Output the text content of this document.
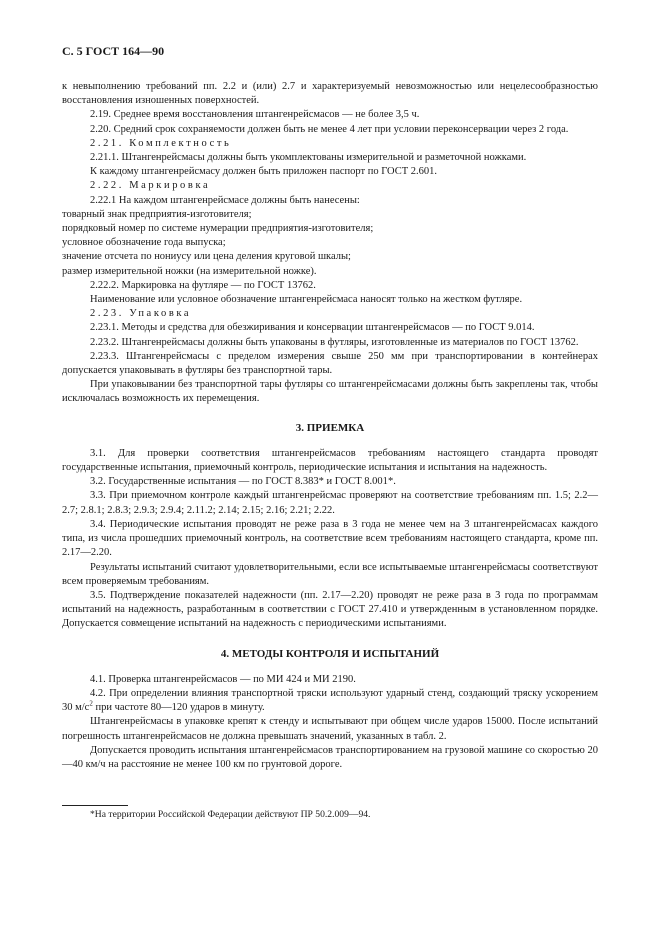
С. 5 ГОСТ 164—90

к невыполнению требований пп. 2.2 и (или) 2.7 и характеризуемый невозможностью или нецелесообразностью восстановления изношенных поверхностей.

2.19. Среднее время восстановления штангенрейсмасов — не более 3,5 ч.

2.20. Средний срок сохраняемости должен быть не менее 4 лет при условии переконсервации через 2 года.

2.21. Комплектность

2.21.1. Штангенрейсмасы должны быть укомплектованы измерительной и разметочной ножками.

К каждому штангенрейсмасу должен быть приложен паспорт по ГОСТ 2.601.

2.22. Маркировка

2.22.1 На каждом штангенрейсмасе должны быть нанесены:

товарный знак предприятия-изготовителя;

порядковый номер по системе нумерации предприятия-изготовителя;

условное обозначение года выпуска;

значение отсчета по нониусу или цена деления круговой шкалы;

размер измерительной ножки (на измерительной ножке).

2.22.2. Маркировка на футляре — по ГОСТ 13762.

Наименование или условное обозначение штангенрейсмаса наносят только на жестком футляре.

2.23. Упаковка

2.23.1. Методы и средства для обезжиривания и консервации штангенрейсмасов — по ГОСТ 9.014.

2.23.2. Штангенрейсмасы должны быть упакованы в футляры, изготовленные из материалов по ГОСТ 13762.

2.23.3. Штангенрейсмасы с пределом измерения свыше 250 мм при транспортировании в контейнерах допускается упаковывать в футляры без транспортной тары.

При упаковывании без транспортной тары футляры со штангенрейсмасами должны быть закреплены так, чтобы исключалась возможность их перемещения.

3. ПРИЕМКА

3.1. Для проверки соответствия штангенрейсмасов требованиям настоящего стандарта проводят государственные испытания, приемочный контроль, периодические испытания и испытания на надежность.

3.2. Государственные испытания — по ГОСТ 8.383* и ГОСТ 8.001*.

3.3. При приемочном контроле каждый штангенрейсмас проверяют на соответствие требованиям пп. 1.5; 2.2—2.7; 2.8.1; 2.8.3; 2.9.3; 2.9.4; 2.11.2; 2.14; 2.15; 2.16; 2.21; 2.22.

3.4. Периодические испытания проводят не реже раза в 3 года не менее чем на 3 штангенрейсмасах каждого типа, из числа прошедших приемочный контроль, на соответствие всем требованиям настоящего стандарта, кроме пп. 2.17—2.20.

Результаты испытаний считают удовлетворительными, если все испытываемые штангенрейсмасы соответствуют всем проверяемым требованиям.

3.5. Подтверждение показателей надежности (пп. 2.17—2.20) проводят не реже раза в 3 года по программам испытаний на надежность, разработанным в соответствии с ГОСТ 27.410 и утвержденным в установленном порядке. Допускается совмещение испытаний на надежность с периодическими испытаниями.

4. МЕТОДЫ КОНТРОЛЯ И ИСПЫТАНИЙ

4.1. Проверка штангенрейсмасов — по МИ 424 и МИ 2190.

4.2. При определении влияния транспортной тряски используют ударный стенд, создающий тряску ускорением 30 $м/с^2$ при частоте 80—120 ударов в минуту.

Штангенрейсмасы в упаковке крепят к стенду и испытывают при общем числе ударов 15000. После испытаний погрешность штангенрейсмасов не должна превышать значений, указанных в табл. 2.

Допускается проводить испытания штангенрейсмасов транспортированием на грузовой машине со скоростью 20—40 км/ч на расстояние не менее 100 км по грунтовой дороге.

*На территории Российской Федерации действуют ПР 50.2.009—94.
